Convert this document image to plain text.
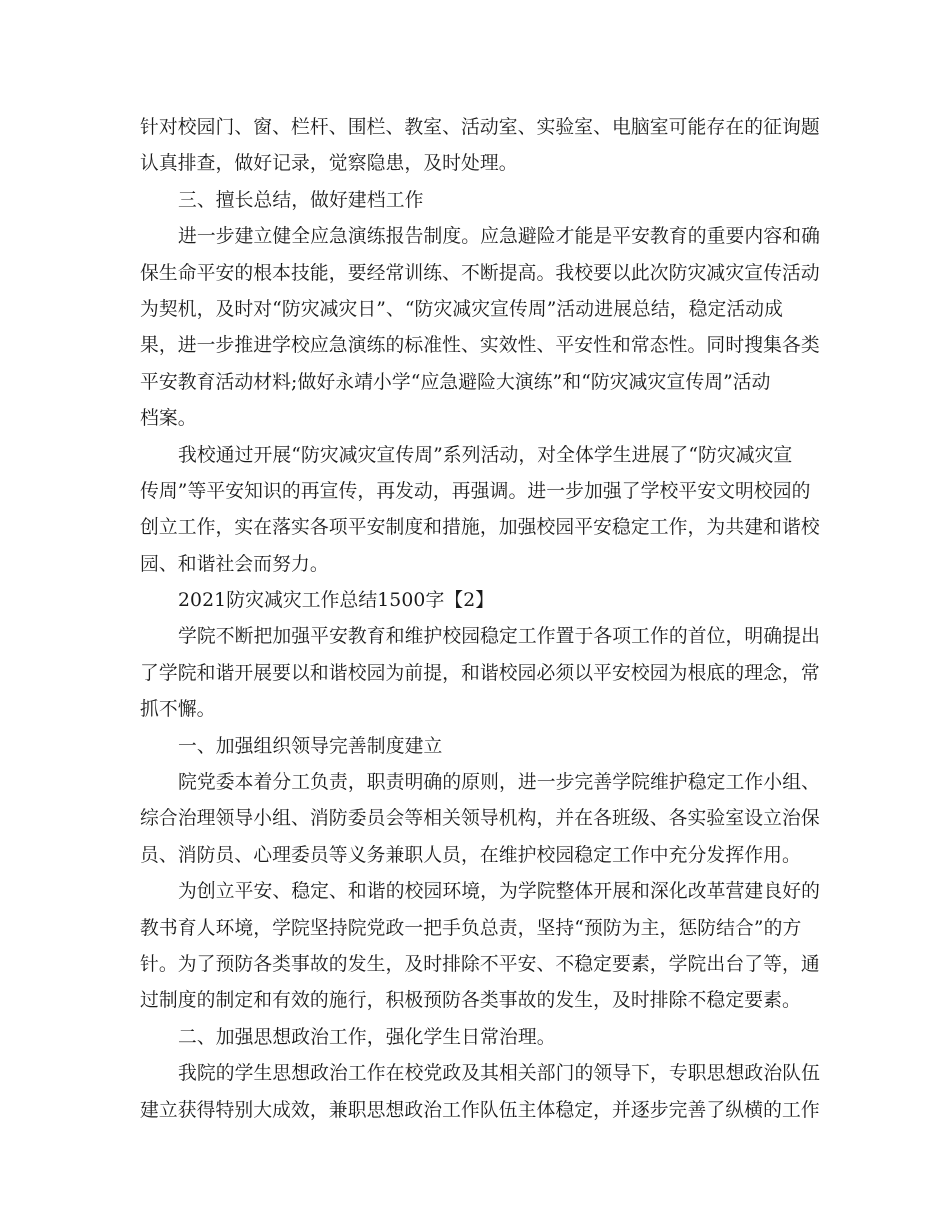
针对校园门、窗、栏杆、围栏、教室、活动室、实验室、电脑室可能存在的征询题
认真排查，做好记录，觉察隐患，及时处理。
三、擅长总结，做好建档工作
进一步建立健全应急演练报告制度。应急避险才能是平安教育的重要内容和确
保生命平安的根本技能，要经常训练、不断提高。我校要以此次防灾减灾宣传活动
为契机，及时对“防灾减灾日”、“防灾减灾宣传周”活动进展总结，稳定活动成
果，进一步推进学校应急演练的标准性、实效性、平安性和常态性。同时搜集各类
平安教育活动材料;做好永靖小学“应急避险大演练”和“防灾减灾宣传周”活动
档案。
我校通过开展“防灾减灾宣传周”系列活动，对全体学生进展了“防灾减灾宣
传周”等平安知识的再宣传，再发动，再强调。进一步加强了学校平安文明校园的
创立工作，实在落实各项平安制度和措施，加强校园平安稳定工作，为共建和谐校
园、和谐社会而努力。
2021防灾减灾工作总结1500字【2】
学院不断把加强平安教育和维护校园稳定工作置于各项工作的首位，明确提出
了学院和谐开展要以和谐校园为前提，和谐校园必须以平安校园为根底的理念，常
抓不懈。
一、加强组织领导完善制度建立
院党委本着分工负责，职责明确的原则，进一步完善学院维护稳定工作小组、
综合治理领导小组、消防委员会等相关领导机构，并在各班级、各实验室设立治保
员、消防员、心理委员等义务兼职人员，在维护校园稳定工作中充分发挥作用。
为创立平安、稳定、和谐的校园环境，为学院整体开展和深化改革营建良好的
教书育人环境，学院坚持院党政一把手负总责，坚持“预防为主，惩防结合”的方
针。为了预防各类事故的发生，及时排除不平安、不稳定要素，学院出台了等，通
过制度的制定和有效的施行，积极预防各类事故的发生，及时排除不稳定要素。
二、加强思想政治工作，强化学生日常治理。
我院的学生思想政治工作在校党政及其相关部门的领导下，专职思想政治队伍
建立获得特别大成效，兼职思想政治工作队伍主体稳定，并逐步完善了纵横的工作
